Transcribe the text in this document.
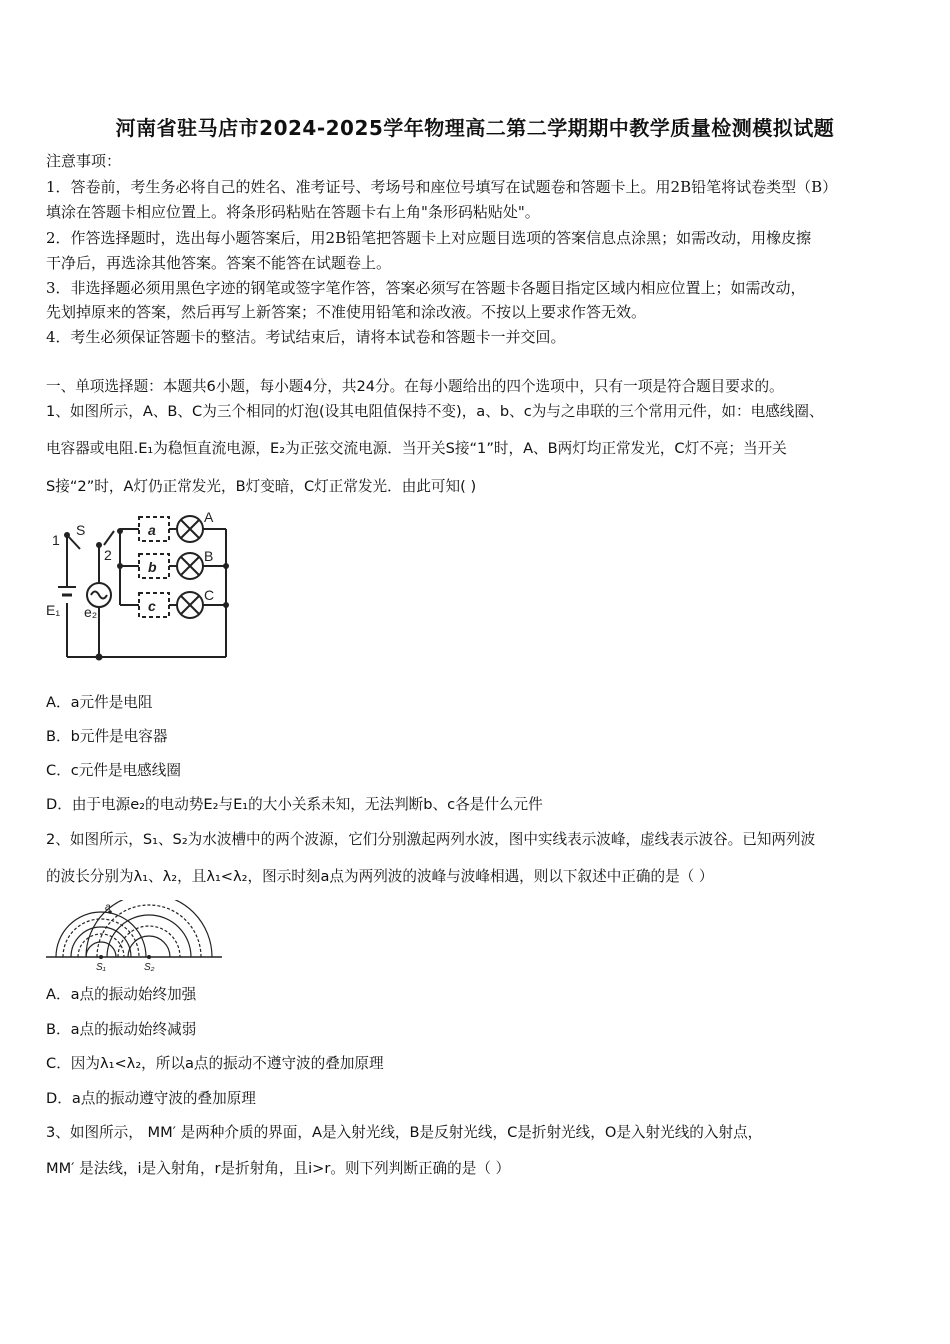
河南省驻马店市2024-2025学年物理高二第二学期期中教学质量检测模拟试题
注意事项：
1．答卷前，考生务必将自己的姓名、准考证号、考场号和座位号填写在试题卷和答题卡上。用2B铅笔将试卷类型（B）
填涂在答题卡相应位置上。将条形码粘贴在答题卡右上角"条形码粘贴处"。
2．作答选择题时，选出每小题答案后，用2B铅笔把答题卡上对应题目选项的答案信息点涂黑；如需改动，用橡皮擦
干净后，再选涂其他答案。答案不能答在试题卷上。
3．非选择题必须用黑色字迹的钢笔或签字笔作答，答案必须写在答题卡各题目指定区域内相应位置上；如需改动，
先划掉原来的答案，然后再写上新答案；不准使用铅笔和涂改液。不按以上要求作答无效。
4．考生必须保证答题卡的整洁。考试结束后，请将本试卷和答题卡一并交回。
一、单项选择题：本题共6小题，每小题4分，共24分。在每小题给出的四个选项中，只有一项是符合题目要求的。
1、如图所示，A、B、C为三个相同的灯泡(设其电阻值保持不变)，a、b、c为与之串联的三个常用元件，如：电感线圈、
电容器或电阻.E₁为稳恒直流电源，E₂为正弦交流电源．当开关S接“1”时，A、B两灯均正常发光，C灯不亮；当开关
S接“2”时，A灯仍正常发光，B灯变暗，C灯正常发光．由此可知( )
1
S
2
E₁ e₂
a
b
c
A
B
C
A．a元件是电阻
B．b元件是电容器
C．c元件是电感线圈
D．由于电源e₂的电动势E₂与E₁的大小关系未知，无法判断b、c各是什么元件
2、如图所示，S₁、S₂为水波槽中的两个波源，它们分别激起两列水波，图中实线表示波峰，虚线表示波谷。已知两列波
的波长分别为λ₁、λ₂，且λ₁<λ₂，图示时刻a点为两列波的波峰与波峰相遇，则以下叙述中正确的是（ ）
a
S₁	S₂
A．a点的振动始终加强
B．a点的振动始终减弱
C．因为λ₁<λ₂，所以a点的振动不遵守波的叠加原理
D．a点的振动遵守波的叠加原理
3、如图所示， MM′ 是两种介质的界面，A是入射光线，B是反射光线，C是折射光线，O是入射光线的入射点，
MM′ 是法线，i是入射角，r是折射角，且i>r。则下列判断正确的是（ ）
